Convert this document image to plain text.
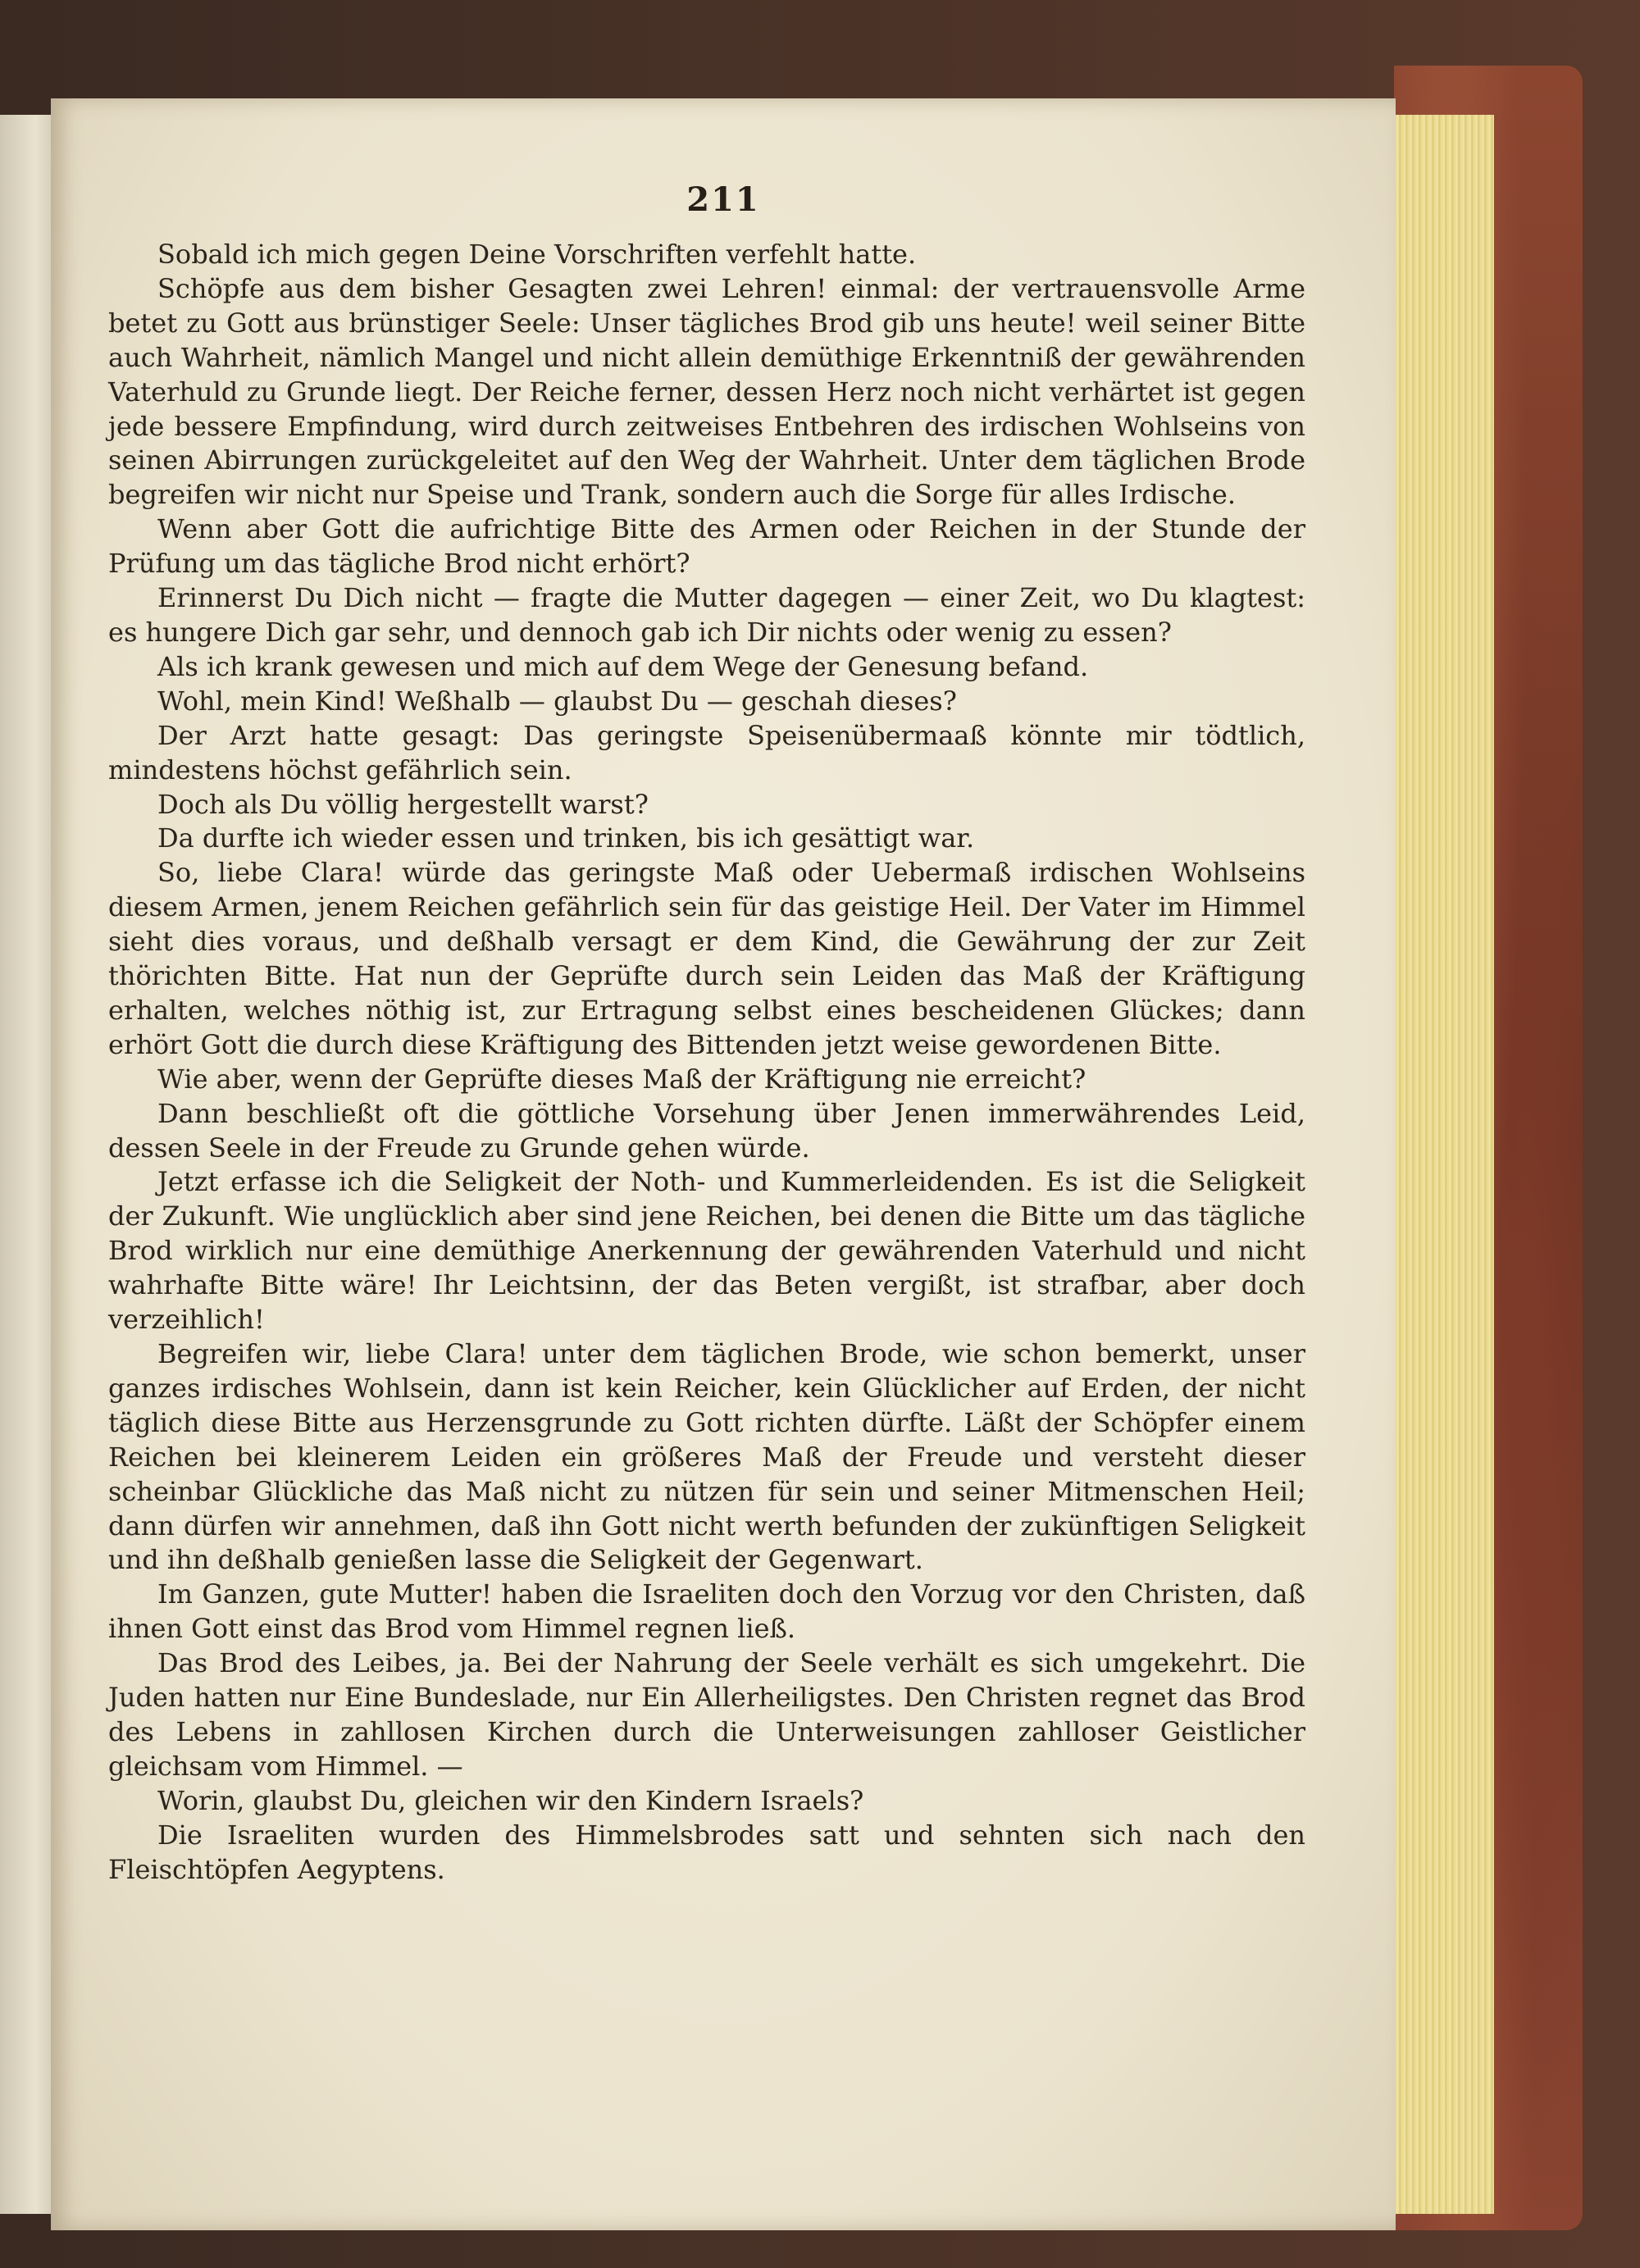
211

Sobald ich mich gegen Deine Vorschriften verfehlt hatte.

Schöpfe aus dem bisher Gesagten zwei Lehren! einmal: der vertrauensvolle Arme betet zu Gott aus brünstiger Seele: Unser tägliches Brod gib uns heute! weil seiner Bitte auch Wahrheit, nämlich Mangel und nicht allein demüthige Erkenntniß der gewährenden Vaterhuld zu Grunde liegt. Der Reiche ferner, dessen Herz noch nicht verhärtet ist gegen jede bessere Empfindung, wird durch zeitweises Entbehren des irdischen Wohlseins von seinen Abirrungen zurückgeleitet auf den Weg der Wahrheit. Unter dem täglichen Brode begreifen wir nicht nur Speise und Trank, sondern auch die Sorge für alles Irdische.

Wenn aber Gott die aufrichtige Bitte des Armen oder Reichen in der Stunde der Prüfung um das tägliche Brod nicht erhört?

Erinnerst Du Dich nicht — fragte die Mutter dagegen — einer Zeit, wo Du klagtest: es hungere Dich gar sehr, und dennoch gab ich Dir nichts oder wenig zu essen?

Als ich krank gewesen und mich auf dem Wege der Genesung befand.

Wohl, mein Kind! Weßhalb — glaubst Du — geschah dieses?

Der Arzt hatte gesagt: Das geringste Speisenübermaaß könnte mir tödtlich, mindestens höchst gefährlich sein.

Doch als Du völlig hergestellt warst?

Da durfte ich wieder essen und trinken, bis ich gesättigt war.

So, liebe Clara! würde das geringste Maß oder Uebermaß irdischen Wohlseins diesem Armen, jenem Reichen gefährlich sein für das geistige Heil. Der Vater im Himmel sieht dies voraus, und deßhalb versagt er dem Kind, die Gewährung der zur Zeit thörichten Bitte. Hat nun der Geprüfte durch sein Leiden das Maß der Kräftigung erhalten, welches nöthig ist, zur Ertragung selbst eines bescheidenen Glückes; dann erhört Gott die durch diese Kräftigung des Bittenden jetzt weise gewordenen Bitte.

Wie aber, wenn der Geprüfte dieses Maß der Kräftigung nie erreicht?

Dann beschließt oft die göttliche Vorsehung über Jenen immerwährendes Leid, dessen Seele in der Freude zu Grunde gehen würde.

Jetzt erfasse ich die Seligkeit der Noth- und Kummerleidenden. Es ist die Seligkeit der Zukunft. Wie unglücklich aber sind jene Reichen, bei denen die Bitte um das tägliche Brod wirklich nur eine demüthige Anerkennung der gewährenden Vaterhuld und nicht wahrhafte Bitte wäre! Ihr Leichtsinn, der das Beten vergißt, ist strafbar, aber doch verzeihlich!

Begreifen wir, liebe Clara! unter dem täglichen Brode, wie schon bemerkt, unser ganzes irdisches Wohlsein, dann ist kein Reicher, kein Glücklicher auf Erden, der nicht täglich diese Bitte aus Herzensgrunde zu Gott richten dürfte. Läßt der Schöpfer einem Reichen bei kleinerem Leiden ein größeres Maß der Freude und versteht dieser scheinbar Glückliche das Maß nicht zu nützen für sein und seiner Mitmenschen Heil; dann dürfen wir annehmen, daß ihn Gott nicht werth befunden der zukünftigen Seligkeit und ihn deßhalb genießen lasse die Seligkeit der Gegenwart.

Im Ganzen, gute Mutter! haben die Israeliten doch den Vorzug vor den Christen, daß ihnen Gott einst das Brod vom Himmel regnen ließ.

Das Brod des Leibes, ja. Bei der Nahrung der Seele verhält es sich umgekehrt. Die Juden hatten nur Eine Bundeslade, nur Ein Allerheiligstes. Den Christen regnet das Brod des Lebens in zahllosen Kirchen durch die Unterweisungen zahlloser Geistlicher gleichsam vom Himmel. —

Worin, glaubst Du, gleichen wir den Kindern Israels?

Die Israeliten wurden des Himmelsbrodes satt und sehnten sich nach den Fleischtöpfen Aegyptens.
